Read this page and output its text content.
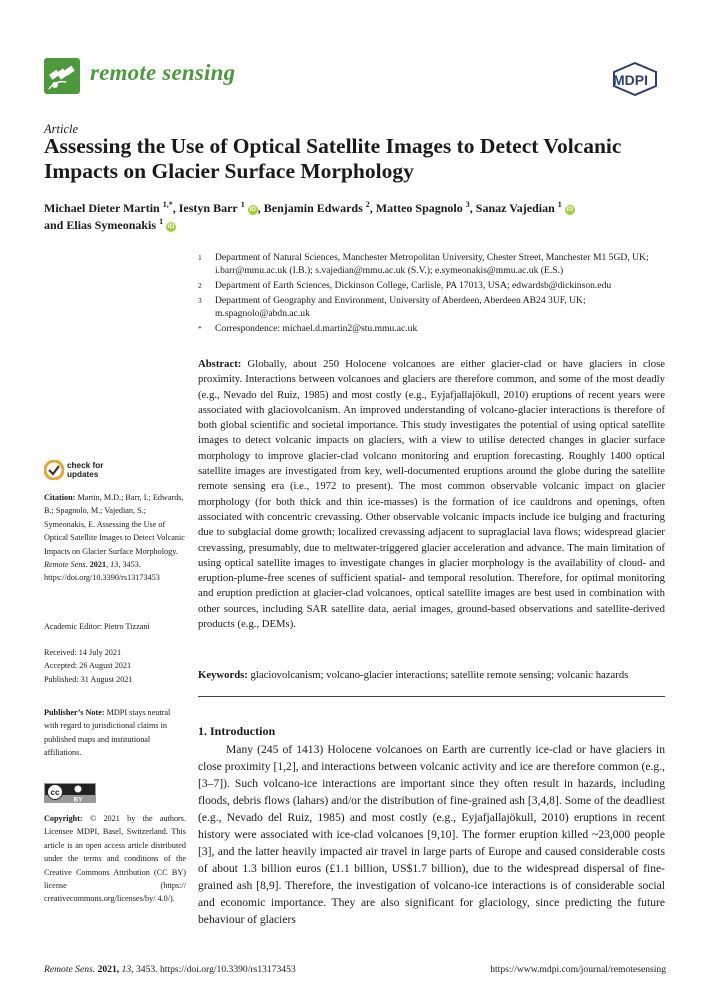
remote sensing	MDPI
Article
Assessing the Use of Optical Satellite Images to Detect Volcanic Impacts on Glacier Surface Morphology
Michael Dieter Martin $^{1,*}$, Iestyn Barr $^1$ iD , Benjamin Edwards $^2$, Matteo Spagnolo $^3$, Sanaz Vajedian $^1$ iD
and Elias Symeonakis $^1$ iD
1	Department of Natural Sciences, Manchester Metropolitan University, Chester Street, Manchester M1 5GD, UK; i.barr@mmu.ac.uk (I.B.); s.vajedian@mmu.ac.uk (S.V.); e.symeonakis@mmu.ac.uk (E.S.)
2	Department of Earth Sciences, Dickinson College, Carlisle, PA 17013, USA; edwardsb@dickinson.edu
3	Department of Geography and Environment, University of Aberdeen, Aberdeen AB24 3UF, UK; m.spagnolo@abdn.ac.uk
*	Correspondence: michael.d.martin2@stu.mmu.ac.uk
Abstract: Globally, about 250 Holocene volcanoes are either glacier-clad or have glaciers in close proximity. Interactions between volcanoes and glaciers are therefore common, and some of the most deadly (e.g., Nevado del Ruiz, 1985) and most costly (e.g., Eyjafjallajökull, 2010) eruptions of recent years were associated with glaciovolcanism. An improved understanding of volcano-glacier interactions is therefore of both global scientific and societal importance. This study investigates the potential of using optical satellite images to detect volcanic impacts on glaciers, with a view to utilise detected changes in glacier surface morphology to improve glacier-clad volcano monitoring and eruption forecasting. Roughly 1400 optical satellite images are investigated from key, well-documented eruptions around the globe during the satellite remote sensing era (i.e., 1972 to present). The most common observable volcanic impact on glacier morphology (for both thick and thin ice-masses) is the formation of ice cauldrons and openings, often associated with concentric crevassing. Other observable volcanic impacts include ice bulging and fracturing due to subglacial dome growth; localized crevassing adjacent to supraglacial lava flows; widespread glacier crevassing, presumably, due to meltwater-triggered glacier acceleration and advance. The main limitation of using optical satellite images to investigate changes in glacier morphology is the availability of cloud- and eruption-plume-free scenes of sufficient spatial- and temporal resolution. Therefore, for optimal monitoring and eruption prediction at glacier-clad volcanoes, optical satellite images are best used in combination with other sources, including SAR satellite data, aerial images, ground-based observations and satellite-derived products (e.g., DEMs).
Keywords: glaciovolcanism; volcano-glacier interactions; satellite remote sensing; volcanic hazards
check for
updates
Citation: Martin, M.D.; Barr, I.; Edwards, B.; Spagnolo, M.; Vajedian, S.; Symeonakis, E. Assessing the Use of Optical Satellite Images to Detect Volcanic Impacts on Glacier Surface Morphology. Remote Sens. 2021, 13, 3453. https://doi.org/10.3390/rs13173453
Academic Editor: Pietro Tizzani
Received: 14 July 2021
Accepted: 26 August 2021
Published: 31 August 2021
Publisher’s Note: MDPI stays neutral with regard to jurisdictional claims in published maps and institutional affiliations.
cc
BY
Copyright: © 2021 by the authors. Licensee MDPI, Basel, Switzerland. This article is an open access article distributed under the terms and conditions of the Creative Commons Attribution (CC BY) license (https:// creativecommons.org/licenses/by/ 4.0/).
1. Introduction
Many (245 of 1413) Holocene volcanoes on Earth are currently ice-clad or have glaciers in close proximity [1,2], and interactions between volcanic activity and ice are therefore common (e.g., [3–7]). Such volcano-ice interactions are important since they often result in hazards, including floods, debris flows (lahars) and/or the distribution of fine-grained ash [3,4,8]. Some of the deadliest (e.g., Nevado del Ruiz, 1985) and most costly (e.g., Eyjafjallajökull, 2010) eruptions in recent history were associated with ice-clad volcanoes [9,10]. The former eruption killed ~23,000 people [3], and the latter heavily impacted air travel in large parts of Europe and caused considerable costs of about 1.3 billion euros (£1.1 billion, US$1.7 billion), due to the widespread dispersal of fine-grained ash [8,9]. Therefore, the investigation of volcano-ice interactions is of considerable social and economic importance. They are also significant for glaciology, since predicting the future behaviour of glaciers
Remote Sens. 2021, 13, 3453. https://doi.org/10.3390/rs13173453	https://www.mdpi.com/journal/remotesensing
